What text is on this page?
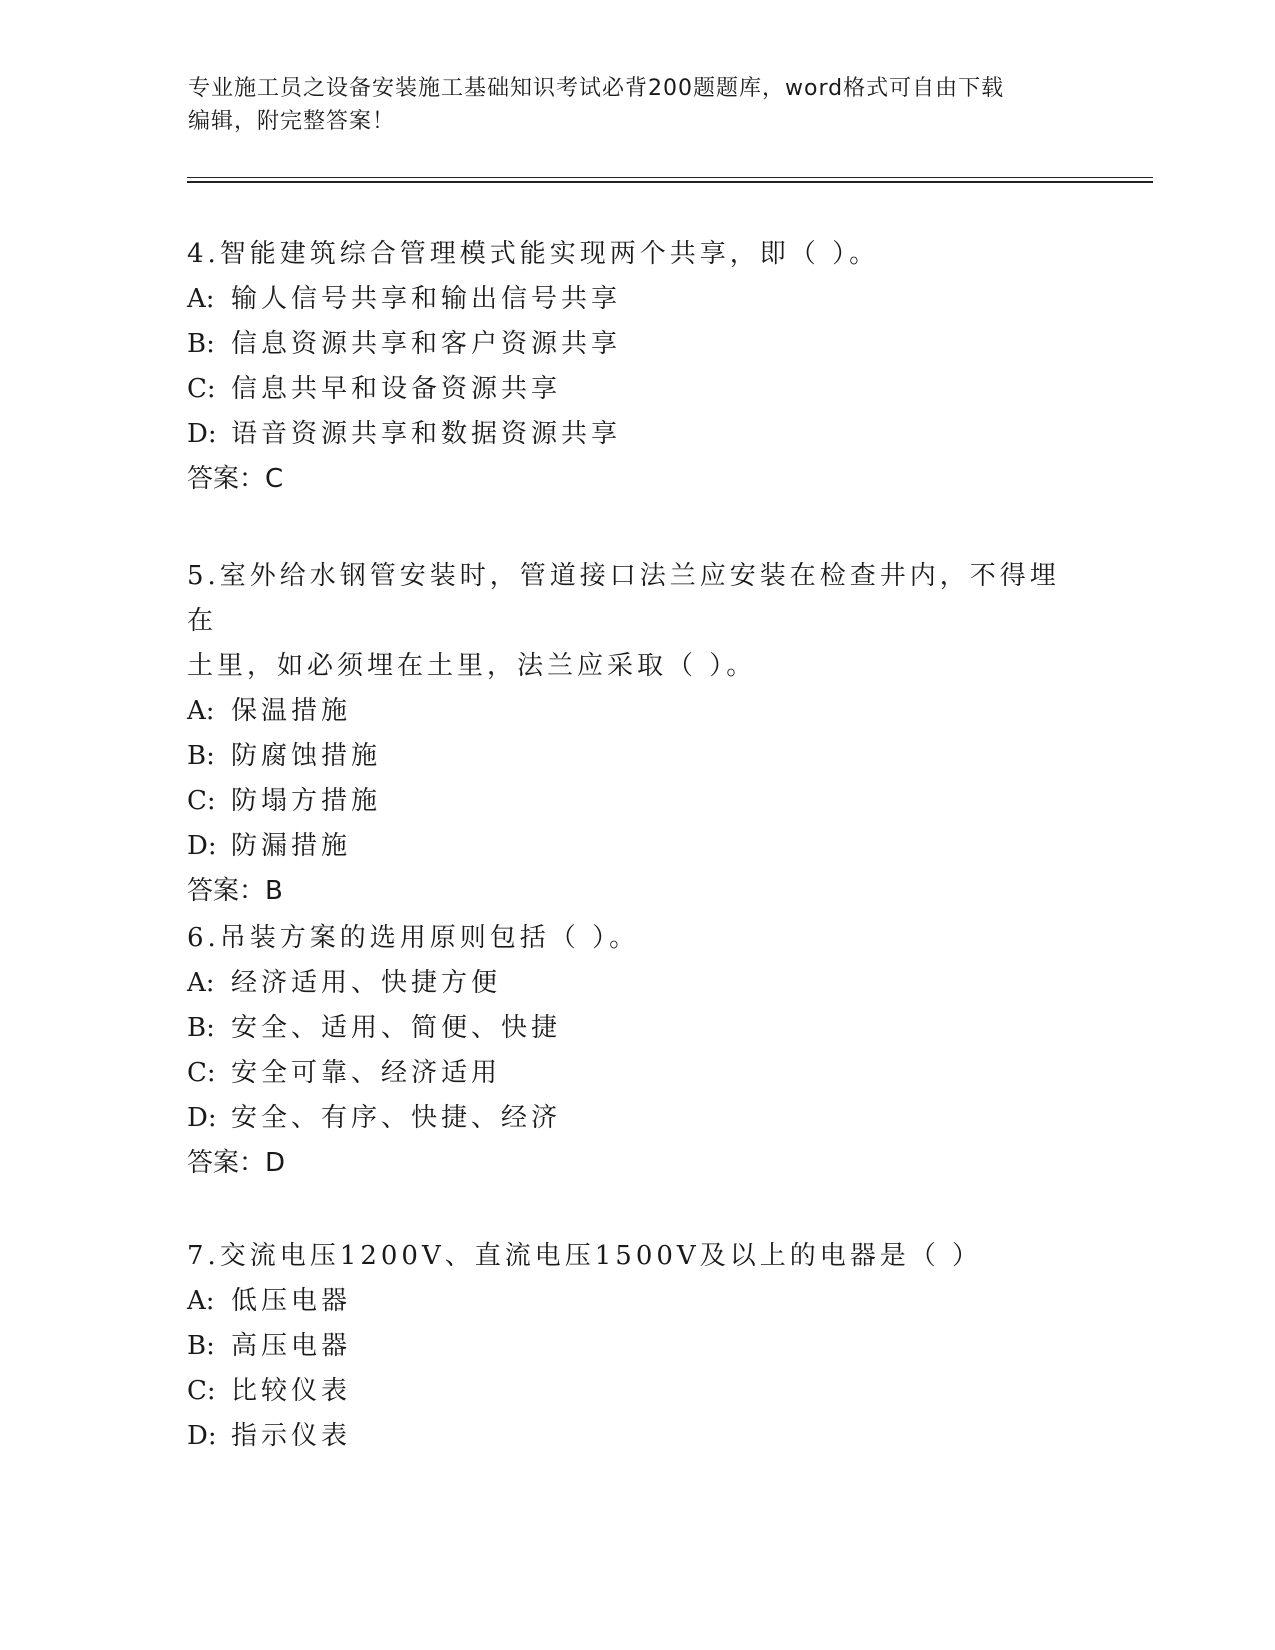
专业施工员之设备安装施工基础知识考试必背200题题库，word格式可自由下载
编辑，附完整答案！

4.智能建筑综合管理模式能实现两个共享，即（ ）。

A: 输人信号共享和输出信号共享

B: 信息资源共享和客户资源共享

C: 信息共早和设备资源共享

D: 语音资源共享和数据资源共享

答案：C

5.室外给水钢管安装时，管道接口法兰应安装在检查井内，不得埋在

土里，如必须埋在土里，法兰应采取（ ）。

A: 保温措施

B: 防腐蚀措施

C: 防塌方措施

D: 防漏措施

答案：B

6.吊装方案的选用原则包括（ ）。

A: 经济适用、快捷方便

B: 安全、适用、简便、快捷

C: 安全可靠、经济适用

D: 安全、有序、快捷、经济

答案：D

7.交流电压1200V、直流电压1500V及以上的电器是（ ）

A: 低压电器

B: 高压电器

C: 比较仪表

D: 指示仪表
